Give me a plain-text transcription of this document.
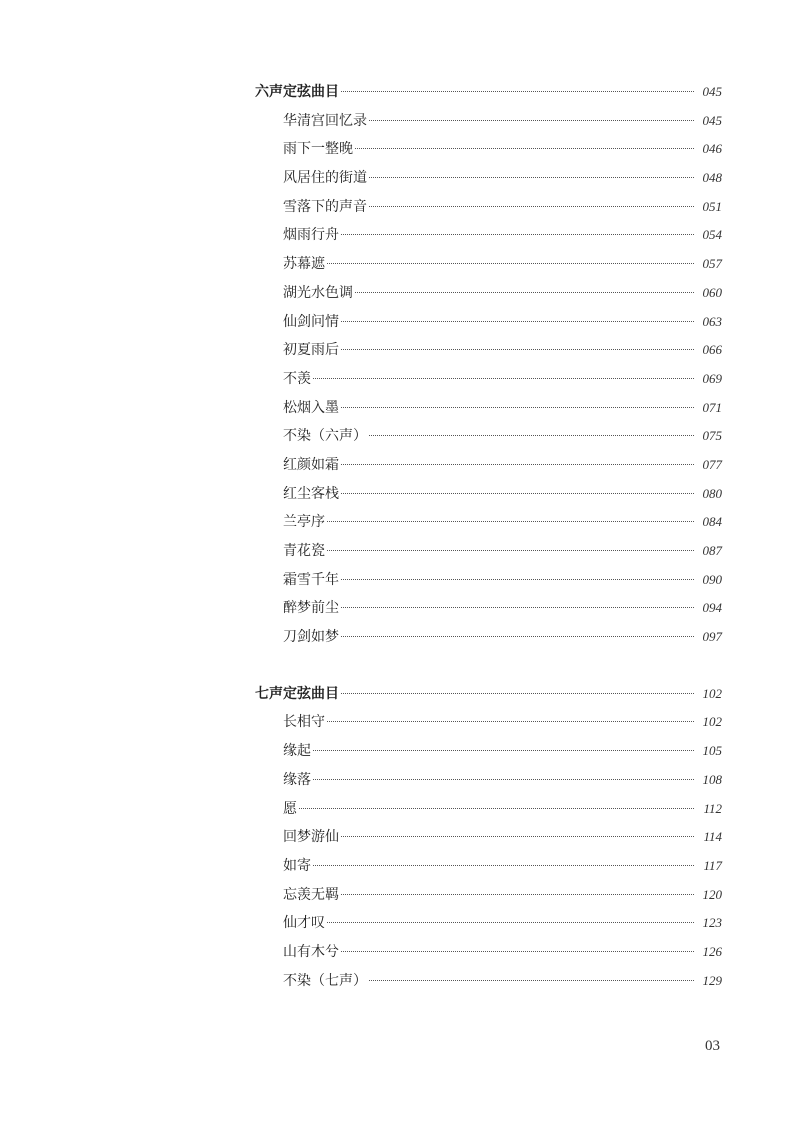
六声定弦曲目	045
华清宫回忆录	045
雨下一整晚	046
风居住的街道	048
雪落下的声音	051
烟雨行舟	054
苏幕遮	057
湖光水色调	060
仙剑问情	063
初夏雨后	066
不羡	069
松烟入墨	071
不染（六声）	075
红颜如霜	077
红尘客栈	080
兰亭序	084
青花瓷	087
霜雪千年	090
醉梦前尘	094
刀剑如梦	097
七声定弦曲目	102
长相守	102
缘起	105
缘落	108
愿	112
回梦游仙	114
如寄	117
忘羡无羁	120
仙才叹	123
山有木兮	126
不染（七声）	129
03
